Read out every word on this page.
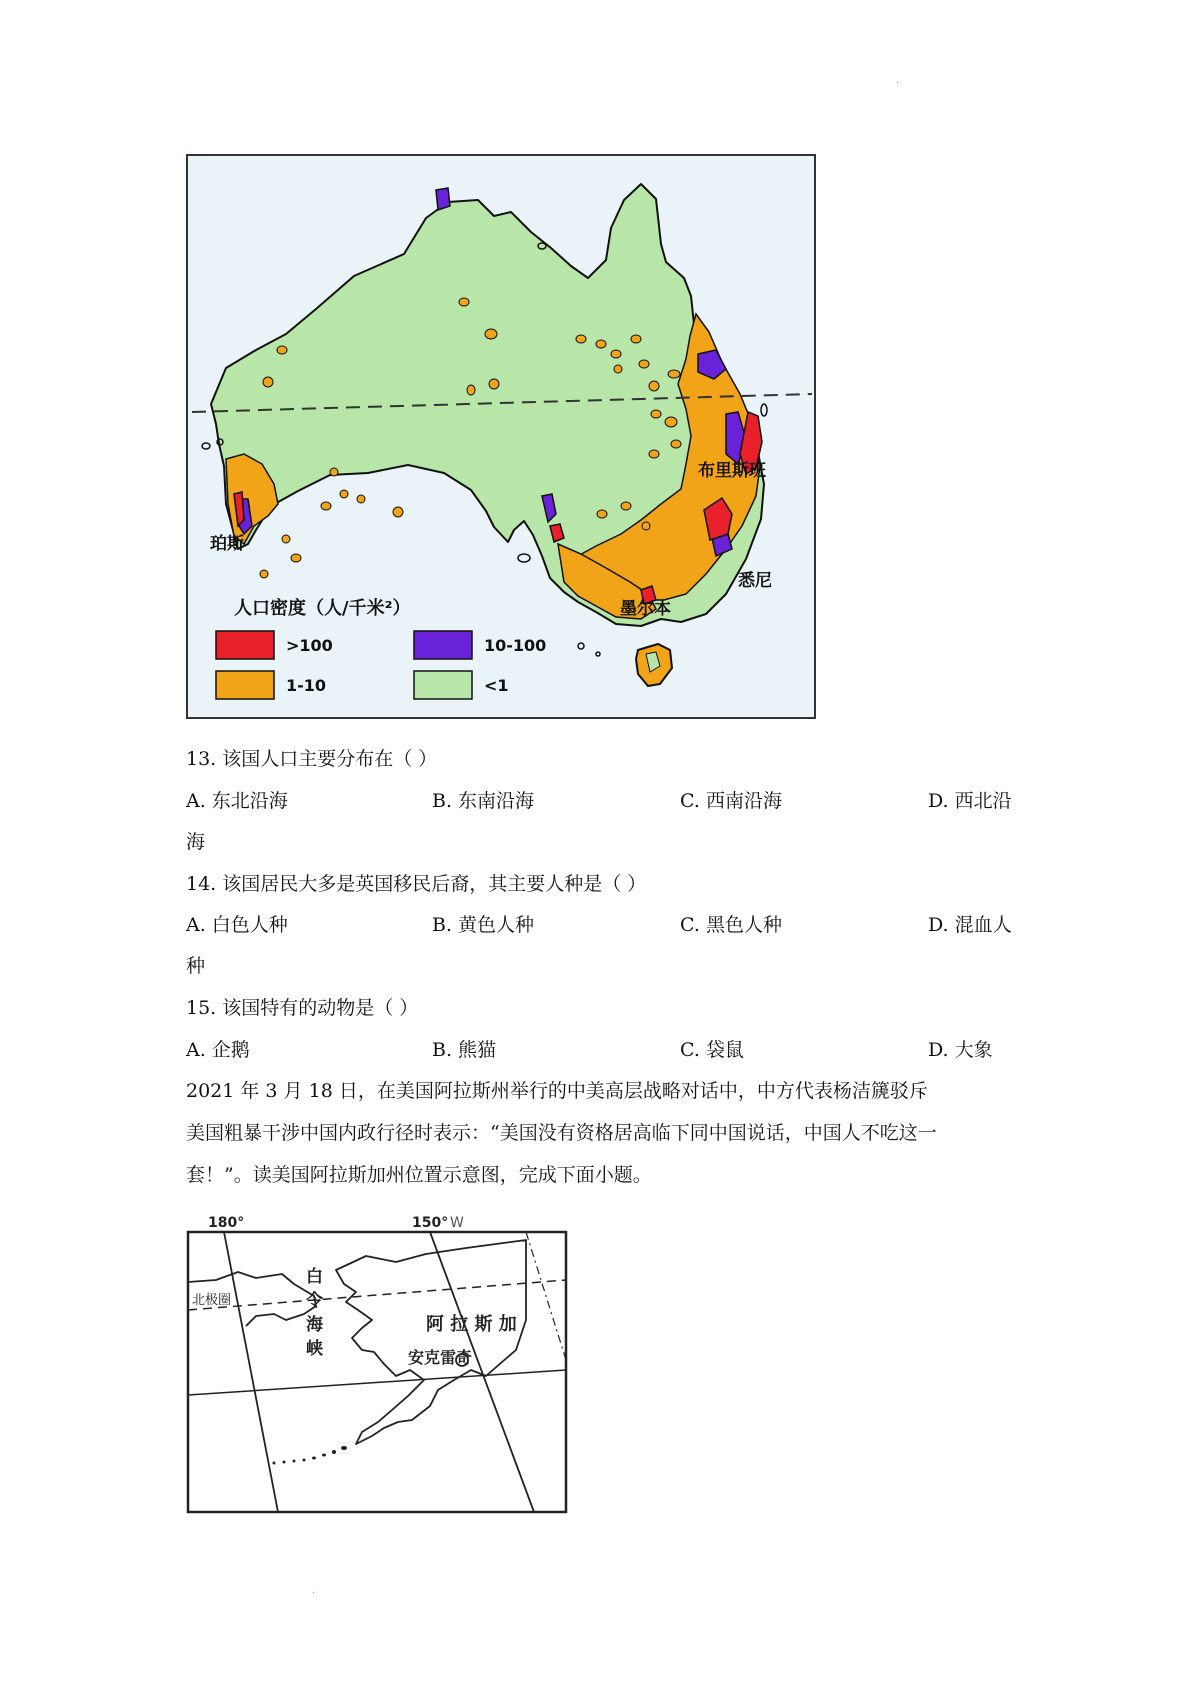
·
珀斯
布里斯班
悉尼
墨尔本
人口密度（人/千米²）
>100	10-100
1-10	<1
13. 该国人口主要分布在（ ）
A. 东北沿海	B. 东南沿海	C. 西南沿海	D. 西北沿
海
14. 该国居民大多是英国移民后裔，其主要人种是（ ）
A. 白色人种	B. 黄色人种	C. 黑色人种	D. 混血人
种
15. 该国特有的动物是（ ）
A. 企鹅	B. 熊猫	C. 袋鼠	D. 大象

2021 年 3 月 18 日，在美国阿拉斯州举行的中美高层战略对话中，中方代表杨洁篪驳斥

美国粗暴干涉中国内政行径时表示：“美国没有资格居高临下同中国说话，中国人不吃这一

套！”。读美国阿拉斯加州位置示意图，完成下面小题。

180°	150° W
北极圈
白
令
海
峡
阿 拉 斯 加
安克雷奇
·
